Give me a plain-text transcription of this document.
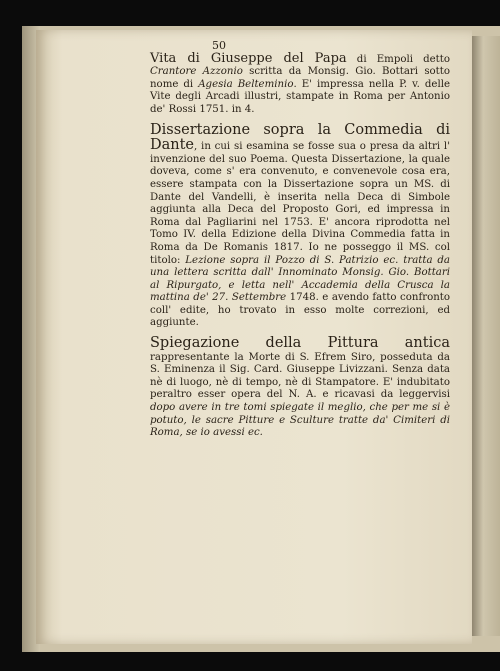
50

Vita di Giuseppe del Papa di Empoli detto Crantore Azzonio scritta da Monsig. Gio. Bottari sotto nome di Agesia Belteminio. E' impressa nella P. v. delle Vite degli Arcadi illustri, stampate in Roma per Antonio de' Rossi 1751. in 4.

Dissertazione sopra la Commedia di Dante, in cui si esamina se fosse sua o presa da altri l' invenzione del suo Poema. Questa Dissertazione, la quale doveva, come s' era convenuto, e convenevole cosa era, essere stampata con la Dissertazione sopra un MS. di Dante del Vandelli, è inserita nella Deca di Simbole aggiunta alla Deca del Proposto Gori, ed impressa in Roma dal Pagliarini nel 1753. E' ancora riprodotta nel Tomo IV. della Edizione della Divina Commedia fatta in Roma da De Romanis 1817. Io ne posseggo il MS. col titolo: Lezione sopra il Pozzo di S. Patrizio ec. tratta da una lettera scritta dall' Innominato Monsig. Gio. Bottari al Ripurgato, e letta nell' Accademia della Crusca la mattina de' 27. Settembre 1748. e avendo fatto confronto coll' edite, ho trovato in esso molte correzioni, ed aggiunte.

Spiegazione della Pittura antica rappresentante la Morte di S. Efrem Siro, posseduta da S. Eminenza il Sig. Card. Giuseppe Livizzani. Senza data nè di luogo, nè di tempo, nè di Stampatore. E' indubitato peraltro esser opera del N. A. e ricavasi da leggervisi dopo avere in tre tomi spiegate il meglio, che per me si è potuto, le sacre Pitture e Sculture tratte da' Cimiteri di Roma, se io avessi ec.
